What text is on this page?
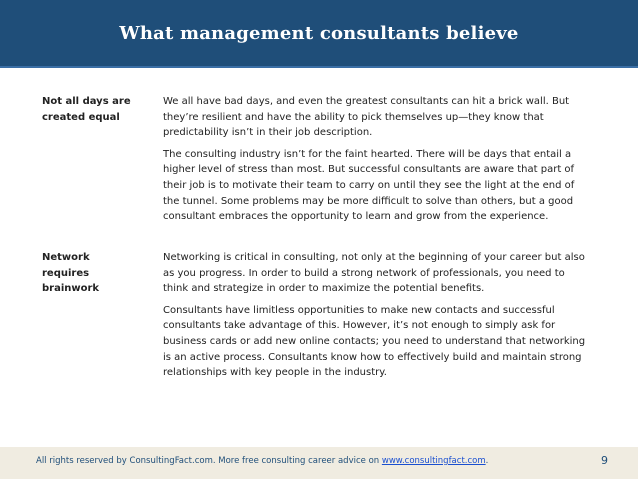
What management consultants believe
Not all days are created equal

We all have bad days, and even the greatest consultants can hit a brick wall. But they’re resilient and have the ability to pick themselves up—they know that predictability isn’t in their job description.

The consulting industry isn’t for the faint hearted. There will be days that entail a higher level of stress than most. But successful consultants are aware that part of their job is to motivate their team to carry on until they see the light at the end of the tunnel. Some problems may be more difficult to solve than others, but a good consultant embraces the opportunity to learn and grow from the experience.

Network requires brainwork

Networking is critical in consulting, not only at the beginning of your career but also as you progress. In order to build a strong network of professionals, you need to think and strategize in order to maximize the potential benefits.

Consultants have limitless opportunities to make new contacts and successful consultants take advantage of this. However, it’s not enough to simply ask for business cards or add new online contacts; you need to understand that networking is an active process. Consultants know how to effectively build and maintain strong relationships with key people in the industry.

All rights reserved by ConsultingFact.com. More free consulting career advice on www.consultingfact.com.	9
